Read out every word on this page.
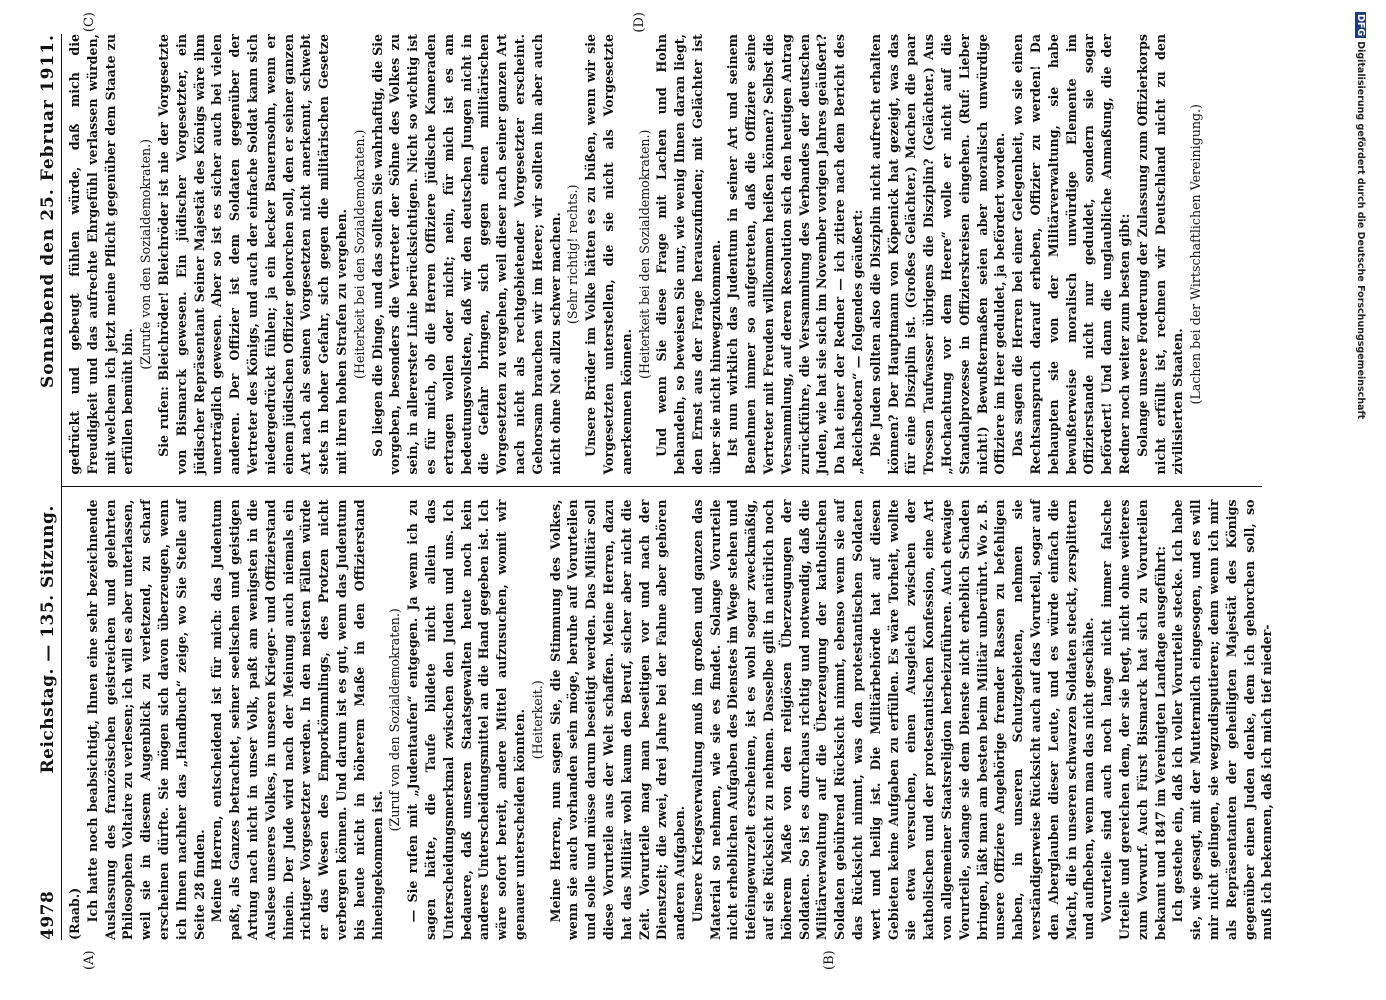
4978
Reichstag. — 135. Sitzung.
Sonnabend den 25. Februar 1911.
(A)	(B)
(C)	(D)

(Raab.) Ich hatte noch beabsichtigt, Ihnen eine sehr bezeichnende Auslassung des französischen geistreichen und gelehrten Philosophen Voltaire zu verlesen; ich will es aber unterlassen, weil sie in diesem Augenblick zu verletzend, zu scharf erscheinen dürfte. Sie mögen sich davon überzeugen, wenn ich Ihnen nachher das „Handbuch“ zeige, wo Sie Stelle auf Seite 28 finden. Meine Herren, entscheidend ist für mich: das Judentum paßt, als Ganzes betrachtet, seiner seelischen und geistigen Artung nach nicht in unser Volk, paßt am wenigsten in die Auslese unseres Volkes, in unseren Krieger- und Offizierstand hinein. Der Jude wird nach der Meinung auch niemals ein richtiger Vorgesetzter werden. In den meisten Fällen würde er das Wesen des Emporkömmlings, des Protzen nicht verbergen können. Und darum ist es gut, wenn das Judentum bis heute nicht in höherem Maße in den Offizierstand hineingekommen ist.

(Zuruf von den Sozialdemokraten.) — Sie rufen mit „Judentaufen“ entgegen. Ja wenn ich zu sagen hätte, die Taufe bildete nicht allein das Unterscheidungsmerkmal zwischen den Juden und uns. Ich bedauere, daß unseren Staatsgewalten heute noch kein anderes Unterscheidungsmittel an die Hand gegeben ist. Ich wäre sofort bereit, andere Mittel aufzusuchen, womit wir genauer unterscheiden könnten. (Heiterkeit.) Meine Herren, nun sagen Sie, die Stimmung des Volkes, wenn sie auch vorhanden sein möge, beruhe auf Vorurteilen und solle und müsse darum beseitigt werden. Das Militär soll diese Vorurteile aus der Welt schaffen. Meine Herren, dazu hat das Militär wohl kaum den Beruf, sicher aber nicht die Zeit. Vorurteile mag man beseitigen vor und nach der Dienstzeit; die zwei, drei Jahre bei der Fahne aber gehören anderen Aufgaben. Unsere Kriegsverwaltung muß im großen und ganzen das Material so nehmen, wie sie es findet. Solange Vorurteile nicht erheblichen Aufgaben des Dienstes im Wege stehen und tiefeingewurzelt erscheinen, ist es wohl sogar zweckmäßig, auf sie Rücksicht zu nehmen. Dasselbe gilt in natürlich noch höherem Maße von den religiösen Überzeugungen der Soldaten. So ist es durchaus richtig und notwendig, daß die Militärverwaltung auf die Überzeugung der katholischen Soldaten gebührend Rücksicht nimmt, ebenso wenn sie auf das Rücksicht nimmt, was den protestantischen Soldaten wert und heilig ist. Die Militärbehörde hat auf diesen Gebieten keine Aufgaben zu erfüllen. Es wäre Torheit, wollte sie etwa versuchen, einen Ausgleich zwischen der katholischen und der protestantischen Konfession, eine Art von allgemeiner Staatsreligion herbeizuführen. Auch etwaige Vorurteile, solange sie dem Dienste nicht erheblich Schaden bringen, läßt man am besten beim Militär unberührt. Wo z. B. unsere Offiziere Angehörige fremder Rassen zu befehligen haben, in unseren Schutzgebieten, nehmen sie verständigerweise Rücksicht auch auf das Vorurteil, sogar auf den Aberglauben dieser Leute, und es würde einfach die Macht, die in unseren schwarzen Soldaten steckt, zersplittern und aufheben, wenn man das nicht geschähe. Vorurteile sind auch noch lange nicht immer falsche Urteile und gereichen dem, der sie hegt, nicht ohne weiteres zum Vorwurf. Auch Fürst Bismarck hat sich zu Vorurteilen bekannt und 1847 im Vereinigten Landtage ausgeführt: Ich gestehe ein, daß ich voller Vorurteile stecke. Ich habe sie, wie gesagt, mit der Muttermilch eingesogen, und es will mir nicht gelingen, sie wegzudisputieren; denn wenn ich mir als Repräsentanten der geheiligten Majestät des Königs gegenüber einen Juden denke, dem ich gehorchen soll, so muß ich bekennen, daß ich mich tief nieder-

gedrückt und gebeugt fühlen würde, daß mich die Freudigkeit und das aufrechte Ehrgefühl verlassen würden, mit welchem ich jetzt meine Pflicht gegenüber dem Staate zu erfüllen bemüht bin.

(Zurufe von den Sozialdemokraten.) Sie rufen: Bleichröder! Bleichröder ist nie der Vorgesetzte von Bismarck gewesen. Ein jüdischer Vorgesetzter, ein jüdischer Repräsentant Seiner Majestät des Königs wäre ihm unerträglich gewesen. Aber so ist es sicher auch bei vielen anderen. Der Offizier ist dem Soldaten gegenüber der Vertreter des Königs, und auch der einfache Soldat kann sich niedergedrückt fühlen; ja ein kecker Bauernsohn, wenn er einem jüdischen Offizier gehorchen soll, den er seiner ganzen Art nach als seinen Vorgesetzten nicht anerkennt, schwebt stets in hoher Gefahr, sich gegen die militärischen Gesetze mit ihren hohen Strafen zu vergehen. (Heiterkeit bei den Sozialdemokraten.) So liegen die Dinge, und das sollten Sie wahrhaftig, die Sie vorgeben, besonders die Vertreter der Söhne des Volkes zu sein, in allererster Linie berücksichtigen. Nicht so wichtig ist es für mich, ob die Herren Offiziere jüdische Kameraden ertragen wollen oder nicht; nein, für mich ist es am bedeutungsvollsten, daß wir den deutschen Jungen nicht in die Gefahr bringen, sich gegen einen militärischen Vorgesetzten zu vergehen, weil dieser nach seiner ganzen Art nach nicht als rechtgebietender Vorgesetzter erscheint. Gehorsam brauchen wir im Heere; wir sollten ihn aber auch nicht ohne Not allzu schwer machen. (Sehr richtig! rechts.) Unsere Brüder im Volke hätten es zu büßen, wenn wir sie Vorgesetzten unterstellen, die sie nicht als Vorgesetzte anerkennen können.

(Heiterkeit bei den Sozialdemokraten.) Und wenn Sie diese Frage mit Lachen und Hohn behandeln, so beweisen Sie nur, wie wenig Ihnen daran liegt, den Ernst aus der Frage herauszufinden; mit Gelächter ist über sie nicht hinwegzukommen. Ist nun wirklich das Judentum in seiner Art und seinem Benehmen immer so aufgetreten, daß die Offiziere seine Vertreter mit Freuden willkommen heißen können? Selbst die Versammlung, auf deren Resolution sich den heutigen Antrag zurückführe, die Versammlung des Verbandes der deutschen Juden, wie hat sie sich im November vorigen Jahres geäußert? Da hat einer der Redner — ich zitiere nach dem Bericht des „Reichsboten“ — folgendes geäußert: Die Juden sollten also die Disziplin nicht aufrecht erhalten können? Der Hauptmann von Köpenick hat gezeigt, was das für eine Disziplin ist. (Großes Gelächter.) Machen die paar Trossen Taufwasser übrigens die Disziplin? (Gelächter.) Aus „Hochachtung vor dem Heere“ wolle er nicht auf die Standalprozesse in Offizierskreisen eingehen. (Ruf: Lieber nicht!) Bewußtermaßen seien aber moralisch unwürdige Offiziere im Heer geduldet, ja befördert worden. Das sagen die Herren bei einer Gelegenheit, wo sie einen Rechtsanspruch darauf erheben, Offizier zu werden! Da behaupten sie von der Militärverwaltung, sie habe bewußterweise moralisch unwürdige Elemente im Offizierstande nicht nur geduldet, sondern sie sogar befördert! Und dann die unglaubliche Anmaßung, die der Redner noch weiter zum besten gibt: Solange unsere Forderung der Zulassung zum Offizierkorps nicht erfüllt ist, rechnen wir Deutschland nicht zu den zivilisierten Staaten. (Lachen bei der Wirtschaftlichen Vereinigung.)

DFGDigitalisierung gefördert durch die Deutsche Forschungsgemeinschaft
